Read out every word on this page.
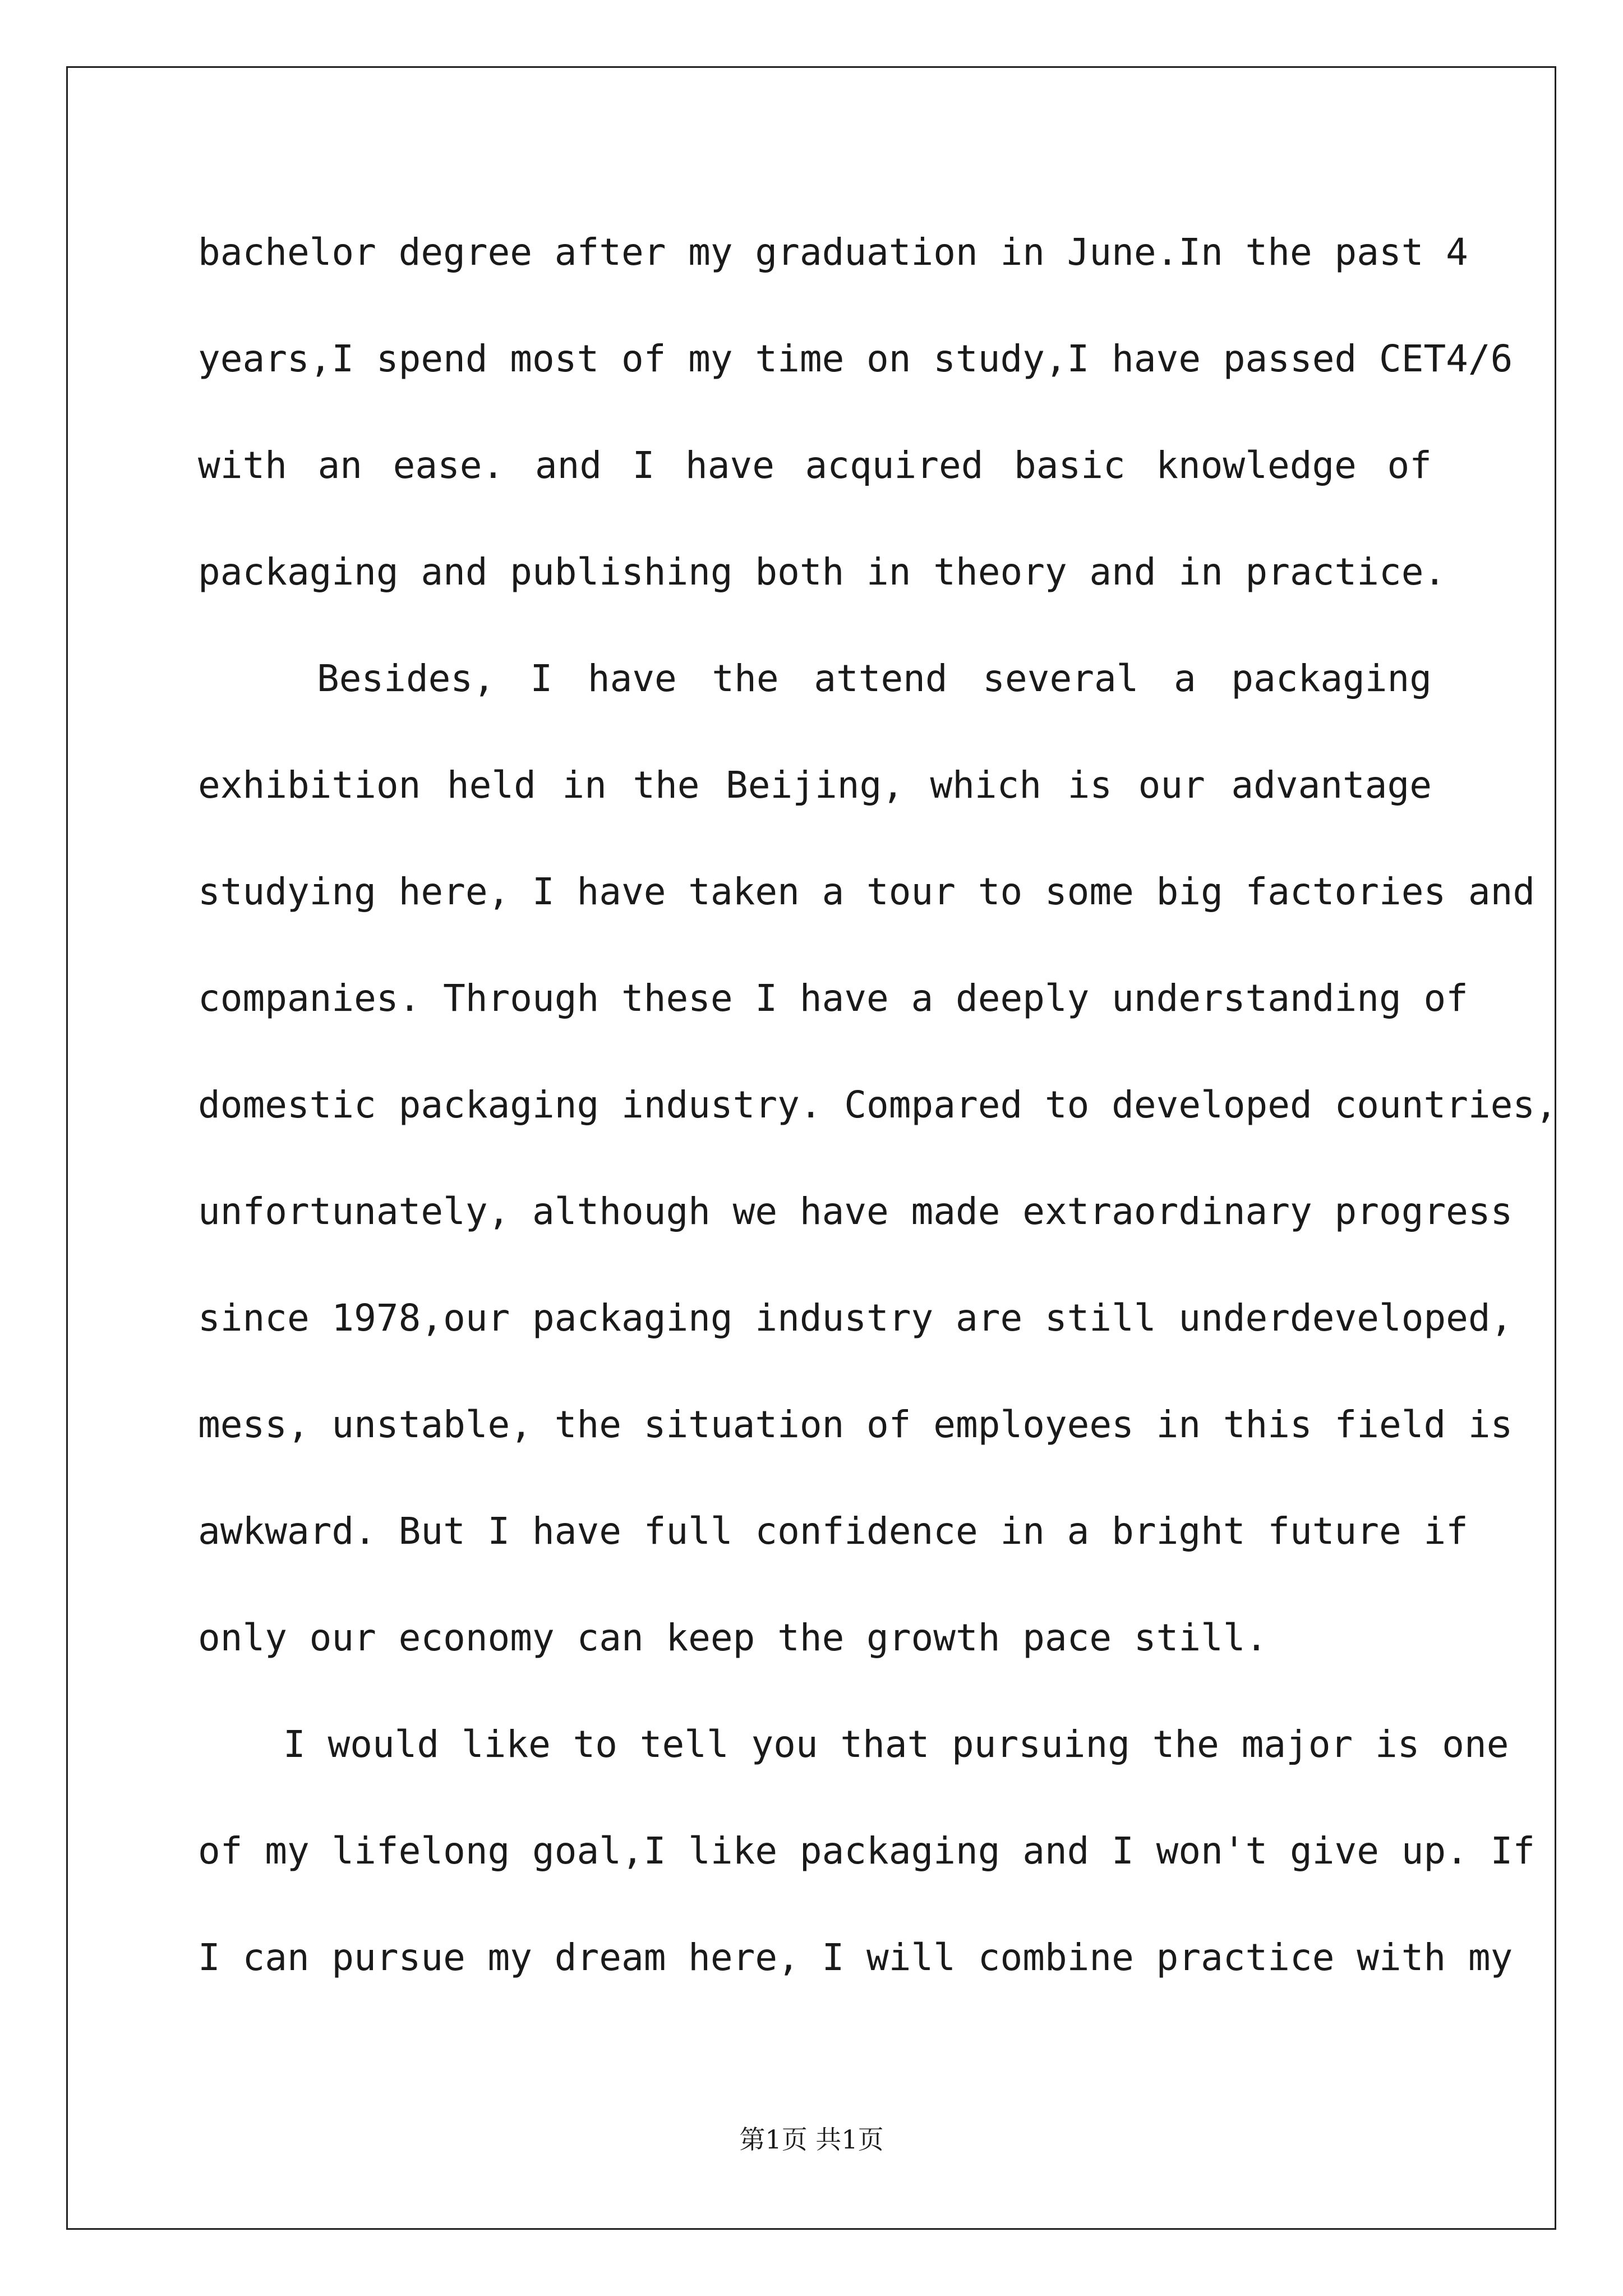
bachelor degree after my graduation in June.In the past 4
years,I spend most of my time on study,I have passed CET4/6
with an ease. and I have acquired basic knowledge of
packaging and publishing both in theory and in practice.
Besides, I have the attend several a packaging
exhibition held in the Beijing, which is our advantage
studying here, I have taken a tour to some big factories and
companies. Through these I have a deeply understanding of
domestic packaging industry. Compared to developed countries,
unfortunately, although we have made extraordinary progress
since 1978,our packaging industry are still underdeveloped,
mess, unstable, the situation of employees in this field is
awkward. But I have full confidence in a bright future if
only our economy can keep the growth pace still.
I would like to tell you that pursuing the major is one
of my lifelong goal,I like packaging and I won't give up. If
I can pursue my dream here, I will combine practice with my
第1页 共1页
